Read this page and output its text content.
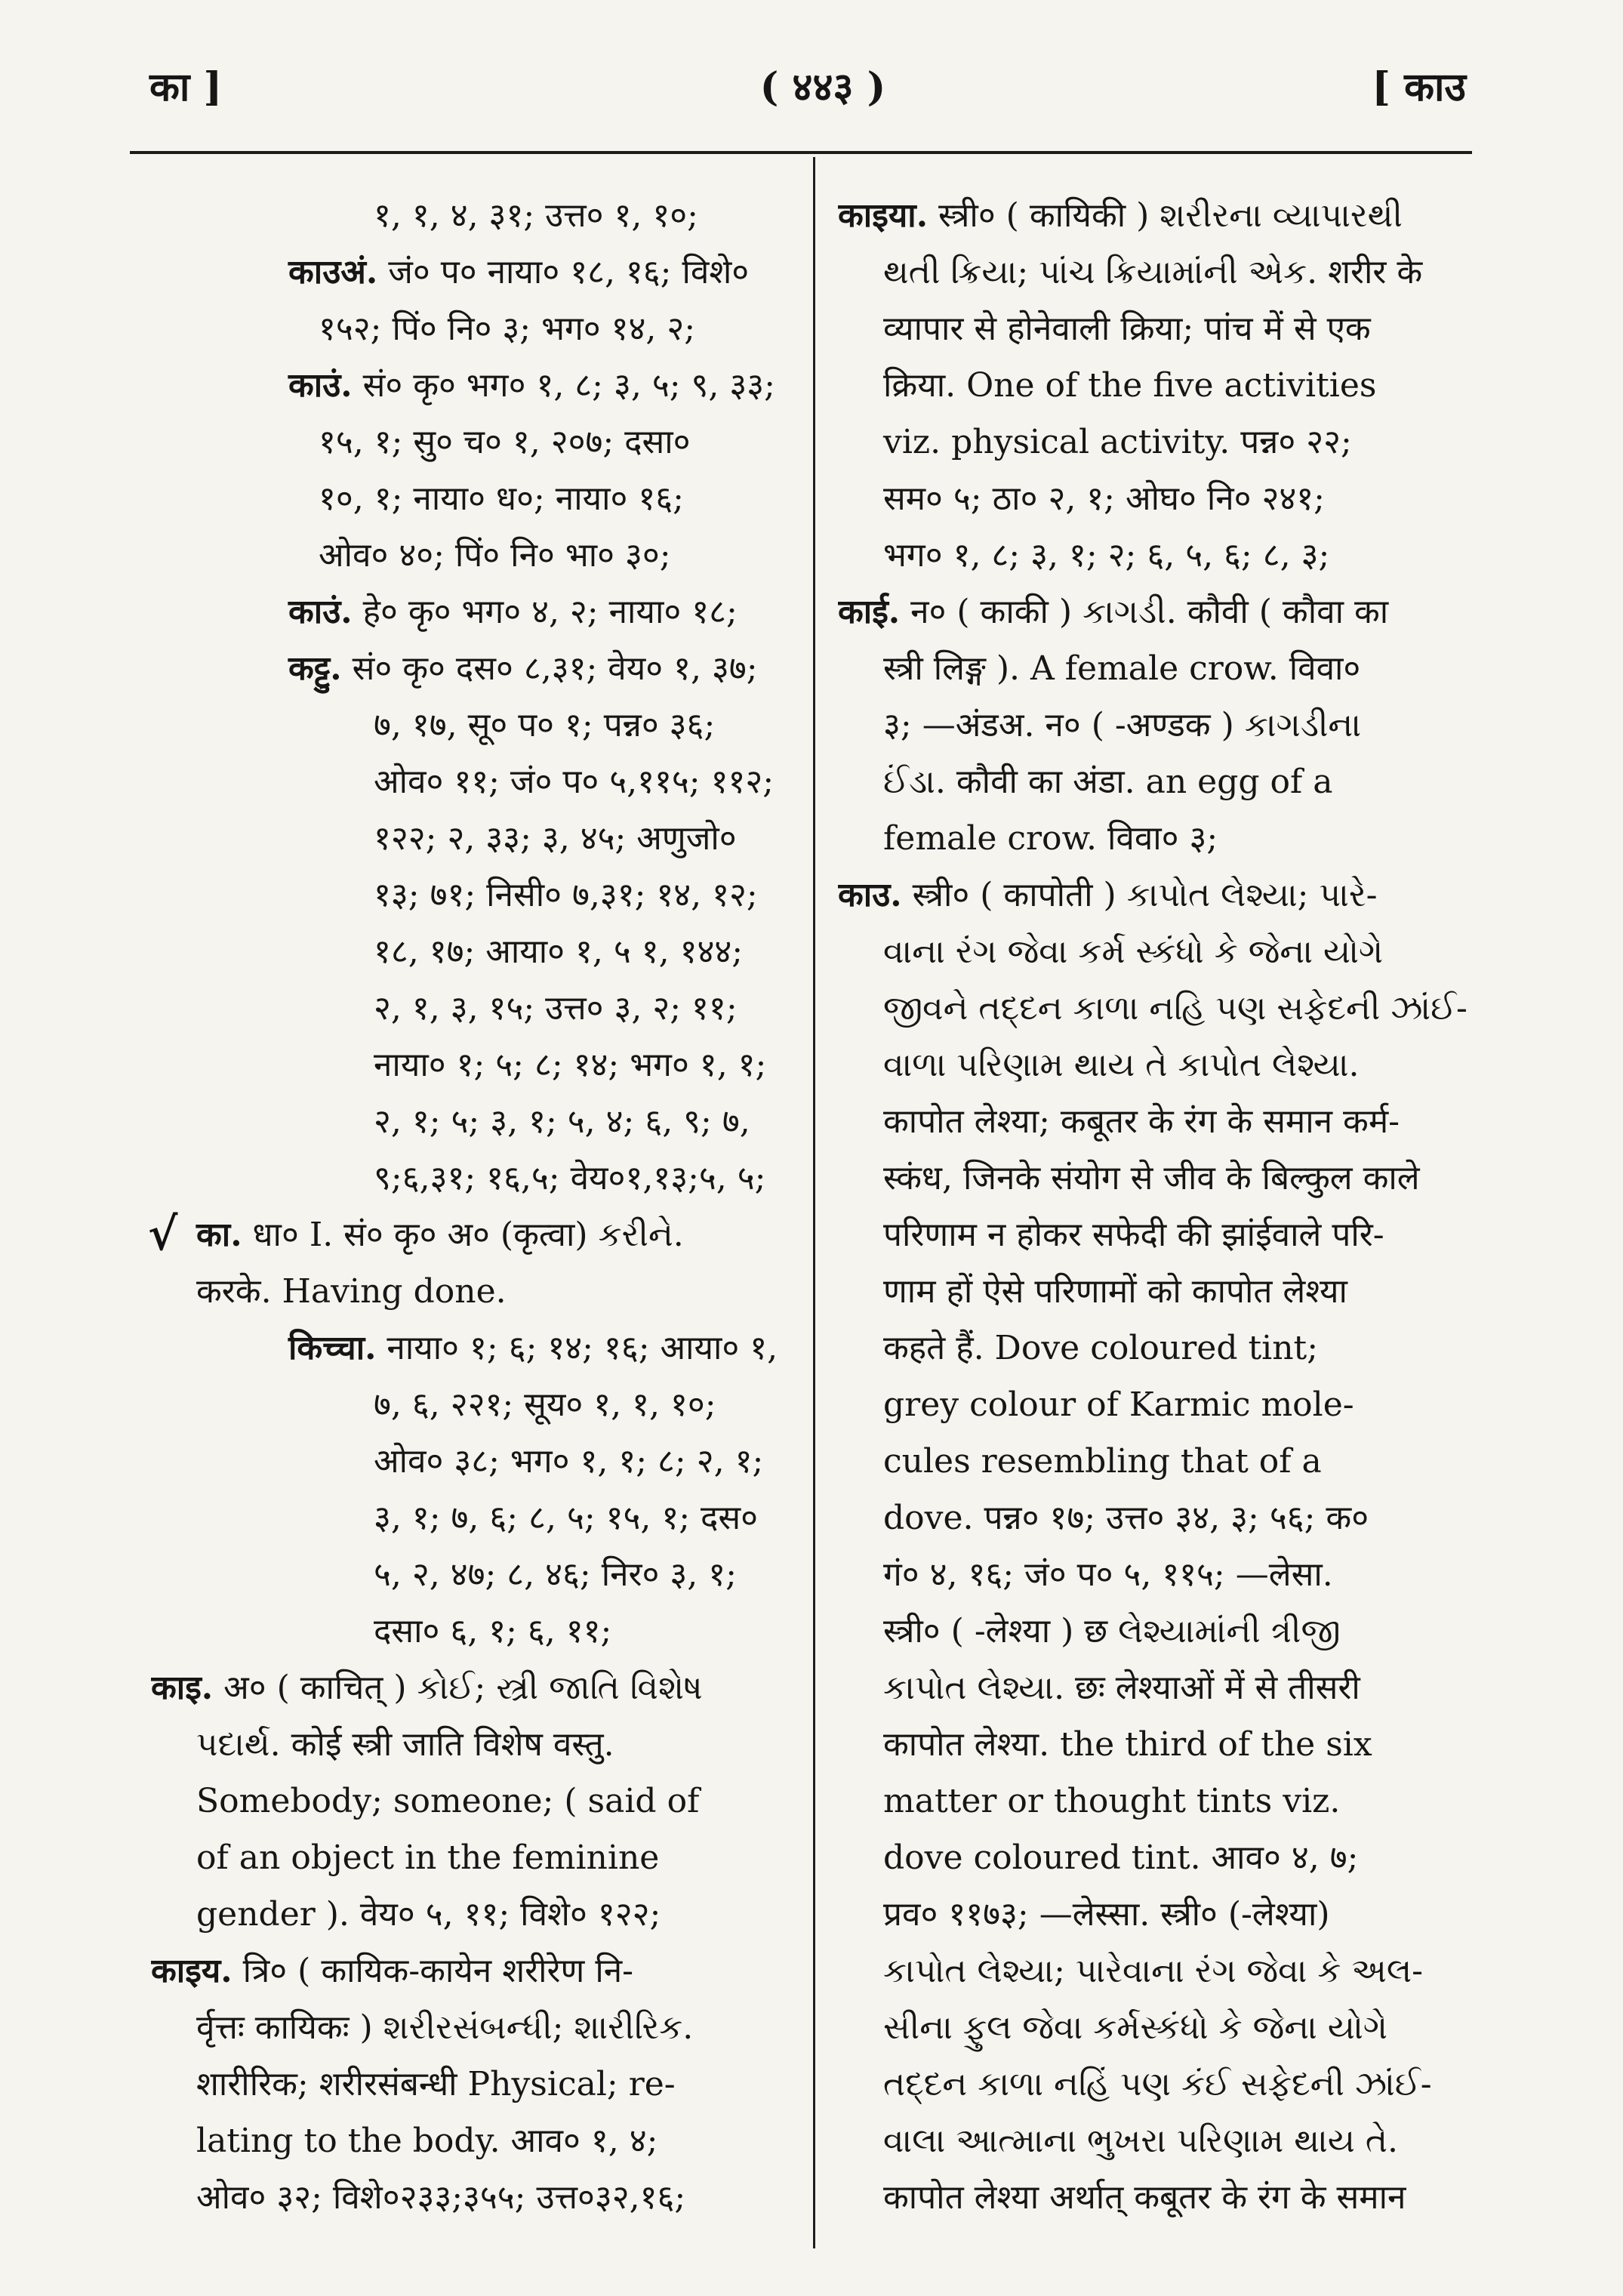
का ]	( ४४३ )	[ काउ
१, १, ४, ३१; उत्त० १, १०;
काउअं. जं० प० नाया० १८, १६; विशे०
१५२; पिं० नि० ३; भग० १४, २;
काउं. सं० कृ० भग० १, ८; ३, ५; ९, ३३;
१५, १; सु० च० १, २०७; दसा०
१०, १; नाया० ध०; नाया० १६;
ओव० ४०; पिं० नि० भा० ३०;
काउं. हे० कृ० भग० ४, २; नाया० १८;
कट्टु. सं० कृ० दस० ८,३१; वेय० १, ३७;
७, १७, सू० प० १; पन्न० ३६;
ओव० ११; जं० प० ५,११५; ११२;
१२२; २, ३३; ३, ४५; अणुजो०
१३; ७१; निसी० ७,३१; १४, १२;
१८, १७; आया० १, ५ १, १४४;
२, १, ३, १५; उत्त० ३, २; ११;
नाया० १; ५; ८; १४; भग० १, १;
२, १; ५; ३, १; ५, ४; ६, ९; ७,
९;६,३१; १६,५; वेय०१,१३;५, ५;
का. धा० I. सं० कृ० अ० (कृत्वा) કરીને.
करके. Having done.
किच्चा. नाया० १; ६; १४; १६; आया० १,
७, ६, २२१; सूय० १, १, १०;
ओव० ३८; भग० १, १; ८; २, १;
३, १; ७, ६; ८, ५; १५, १; दस०
५, २, ४७; ८, ४६; निर० ३, १;
दसा० ६, १; ६, ११;
काइ. अ० ( काचित् ) કોઈ; સ્ત્રી જાતિ વિશેષ
પદાર્થ. कोई स्त्री जाति विशेष वस्तु.
Somebody; someone; ( said of
of an object in the feminine
gender ). वेय० ५, ११; विशे० १२२;
काइय. त्रि० ( कायिक-कायेन शरीरेण नि-
र्वृत्तः कायिकः ) શરીરસંબન્ધી; શારીરિક.
शारीरिक; शरीरसंबन्धी Physical; re-
lating to the body. आव० १, ४;
ओव० ३२; विशे०२३३;३५५; उत्त०३२,१६;
काइया. स्त्री० ( कायिकी ) શરીરના વ્યાપારથી
થતી ક્રિયા; પાંચ ક્રિયામાંની એક. शरीर के
व्यापार से होनेवाली क्रिया; पांच में से एक
क्रिया. One of the five activities
viz. physical activity. पन्न० २२;
सम० ५; ठा० २, १; ओघ० नि० २४१;
भग० १, ८; ३, १; २; ६, ५, ६; ८, ३;
काई. न० ( काकी ) કાગડી. कौवी ( कौवा का
स्त्री लिङ्ग ). A female crow. विवा०
३; —अंडअ. न० ( -अण्डक ) કાગડીના
ઈંડા. कौवी का अंडा. an egg of a
female crow. विवा० ३;
काउ. स्त्री० ( कापोती ) કાપોત લેશ્યા; પારે-
વાના રંગ જેવા કર્મ સ્કંધો કે જેના યોગે
જીવને તદ્દન કાળા નહિ પણ સફેદની ઝાંઈ-
વાળા પરિણામ થાય તે કાપોત લેશ્યા.
कापोत लेश्या; कबूतर के रंग के समान कर्म-
स्कंध, जिनके संयोग से जीव के बिल्कुल काले
परिणाम न होकर सफेदी की झांईवाले परि-
णाम हों ऐसे परिणामों को कापोत लेश्या
कहते हैं. Dove coloured tint;
grey colour of Karmic mole-
cules resembling that of a
dove. पन्न० १७; उत्त० ३४, ३; ५६; क०
गं० ४, १६; जं० प० ५, ११५; —लेसा.
स्त्री० ( -लेश्या ) छ લેશ્યામાંની ત્રીજી
કાપોત લેશ્યા. छः लेश्याओं में से तीसरी
कापोत लेश्या. the third of the six
matter or thought tints viz.
dove coloured tint. आव० ४, ७;
प्रव० ११७३; —लेस्सा. स्त्री० (-लेश्या)
કાપોત લેશ્યા; પારેવાના રંગ જેવા કે અલ-
સીના ફુલ જેવા કર્મસ્કંધો કે જેના યોગે
તદ્દન કાળા નહિં પણ કંઈ સફેદની ઝાંઈ-
વાલા આત્માના ભુખરા પરિણામ થાય તે.
कापोत लेश्या अर्थात् कबूतर के रंग के समान
√
